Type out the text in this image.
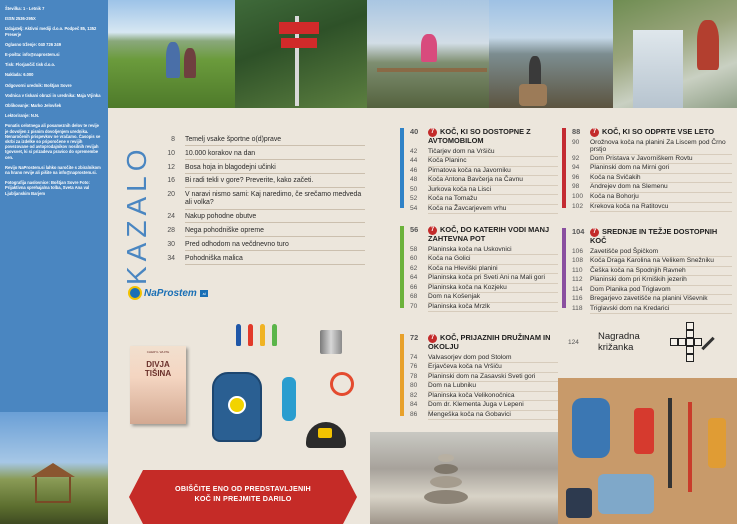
Številka: 1 - Letnik 7

ISSN 2536-295X

Izdajatelj: Aktivni mediji d.o.o. Podpeč 85, 1352 Preserje

Oglasno trženje: 040 726 249

E-pošta: info@naprostem.si

Tisk: Florjančič tisk d.o.o.

Naklada: 6.000

Odgovorni urednik: Boštjan Sovre

Vodnica v tiskani obrazi in urednika: Maja Vrjinka

Oblikovanje: Marko Jelovšek

Lektoriranje: N.N.

Ponatis celotnega ali posameznih delov te revije je dovoljen z pisnim dovoljenjem urednika. Nenaročenih prispevkov ne vračamo. Časopis se skrbi za izdelke so priporočene v revijih povezovane od avtoprodajnikov nosilnih revijah tgovsvet, ki si prizadeva pravico do spremembe cen.

Revijo NaProstem.si lahko naročite s zbiralnikom na hrano revije ali pišite na info@naprostem.si.

Fotografija naslovnice: Boštjan Sovre Foto: Prijaktivna sprehajalna tolba, Sveta Ana val Ljubljanskim Barjem	KAZALO
8	Temelj vsake športne o(d)prave
10	10.000 korakov na dan
12	Bosa hoja in blagodejni učinki
16	Bi radi tekli v gore? Preverite, kako začeti.
20	V naravi nismo sami: Kaj naredimo, če srečamo medveda ali volka?
24	Nakup pohodne obutve
28	Nega pohodniške opreme
30	Pred odhodom na večdnevno turo
34	Pohodniška malica
40	7 KOČ, KI SO DOSTOPNE Z AVTOMOBILOM
42	Tičarjev dom na Vršiču
44	Koča Planinc
46	Pirnatova koča na Javorniku
48	Koča Antona Bavčerja na Čavnu
50	Jurkova koča na Lisci
52	Koča na Tomažu
54	Koča na Žavcarjevem vrhu
56	7 KOČ, DO KATERIH VODI MANJ ZAHTEVNA POT
58	Planinska koča na Uskovnici
60	Koča na Golici
62	Koča na Hleviški planini
64	Planinska koča pri Sveti Ani na Mali gori
66	Planinska koča na Kozjeku
68	Dom na Košenjak
70	Planinska koča Mrzlk
72	7 KOČ, PRIJAZNIH DRUŽINAM IN OKOLJU
74	Valvasorjev dom pod Stolom
76	Erjavčeva koča na Vršiču
78	Planinski dom na Zasavski Sveti gori
80	Dom na Lubniku
82	Planinska koča Velikonočnica
84	Dom dr. Klementa Juga v Lepeni
86	Mengeška koča na Gobavici
88	7 KOČ, KI SO ODPRTE VSE LETO
90	Orožnova koča na planini Za Liscem pod Črno prstjo
92	Dom Pristava v Javorniškem Rovtu
94	Planinski dom na Mirni gori
96	Koča na Svičakih
98	Andrejev dom na Slemenu
100	Koča na Bohorju
102	Krekova koča na Ratitovcu
104	7 SREDNJE IN TEŽJE DOSTOPNIH KOČ
106	Zavetišče pod Špičkom
108	Koča Dragа Karolina na Velikem Snežniku
110	Češka koča na Spodnjih Ravneh
112	Planinski dom pri Krniških jezerih
114	Dom Planika pod Triglavom
116	Bregarjevo zavetišče na planini Viševnik
118	Triglavski dom na Kredarici
124	Nagradna
križanka
NaProstem	.si
CHERYL WHITE
DIVJA
TIŠINA
OBIŠČITE ENO OD PREDSTAVLJENIH
KOČ IN PREJMITE DARILO
